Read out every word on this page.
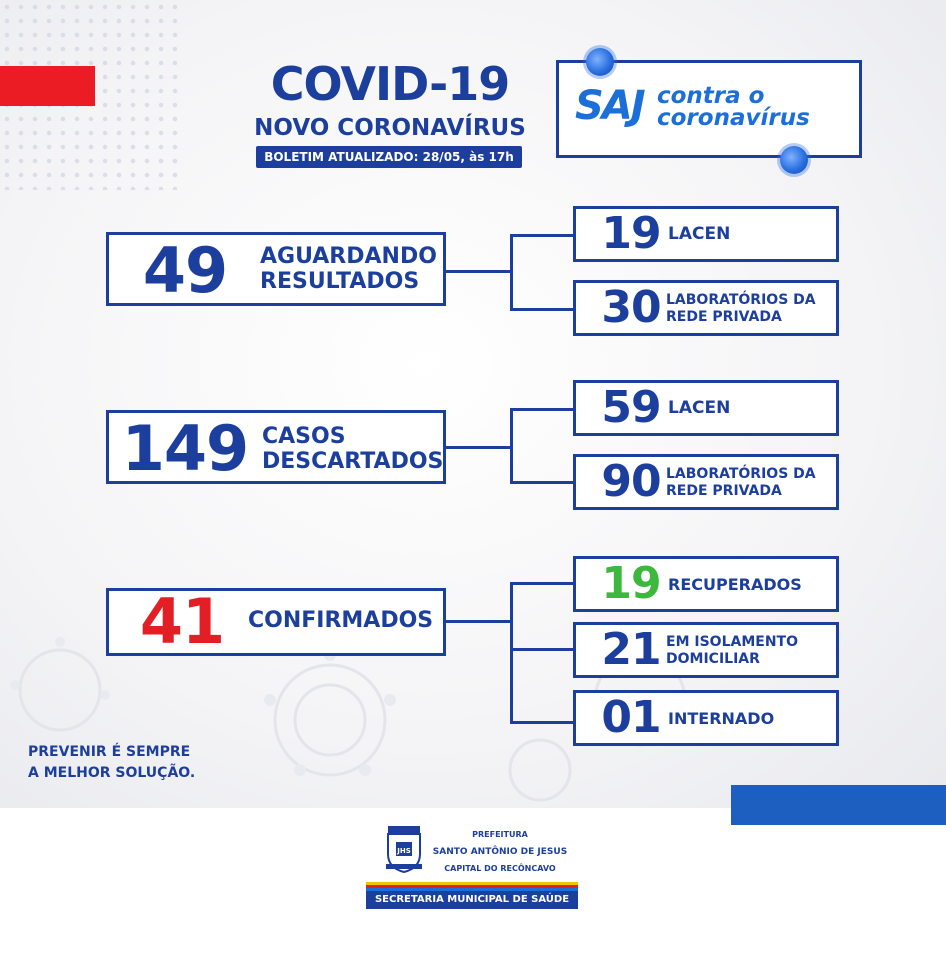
COVID-19
NOVO CORONAVÍRUS
BOLETIM ATUALIZADO: 28/05, às 17h
SAJ contra o
coronavírus
49	AGUARDANDO
RESULTADOS
19 LACEN
30 LABORATÓRIOS DA
REDE PRIVADA
149 CASOS
DESCARTADOS
59 LACEN
90 LABORATÓRIOS DA
REDE PRIVADA
41	CONFIRMADOS
19 RECUPERADOS
21 EM ISOLAMENTO
DOMICILIAR
01 INTERNADO
PREVENIR É SEMPRE
A MELHOR SOLUÇÃO.
JHS
PREFEITURA
SANTO ANTÔNIO DE JESUS
CAPITAL DO RECÔNCAVO
SECRETARIA MUNICIPAL DE SAÚDE
